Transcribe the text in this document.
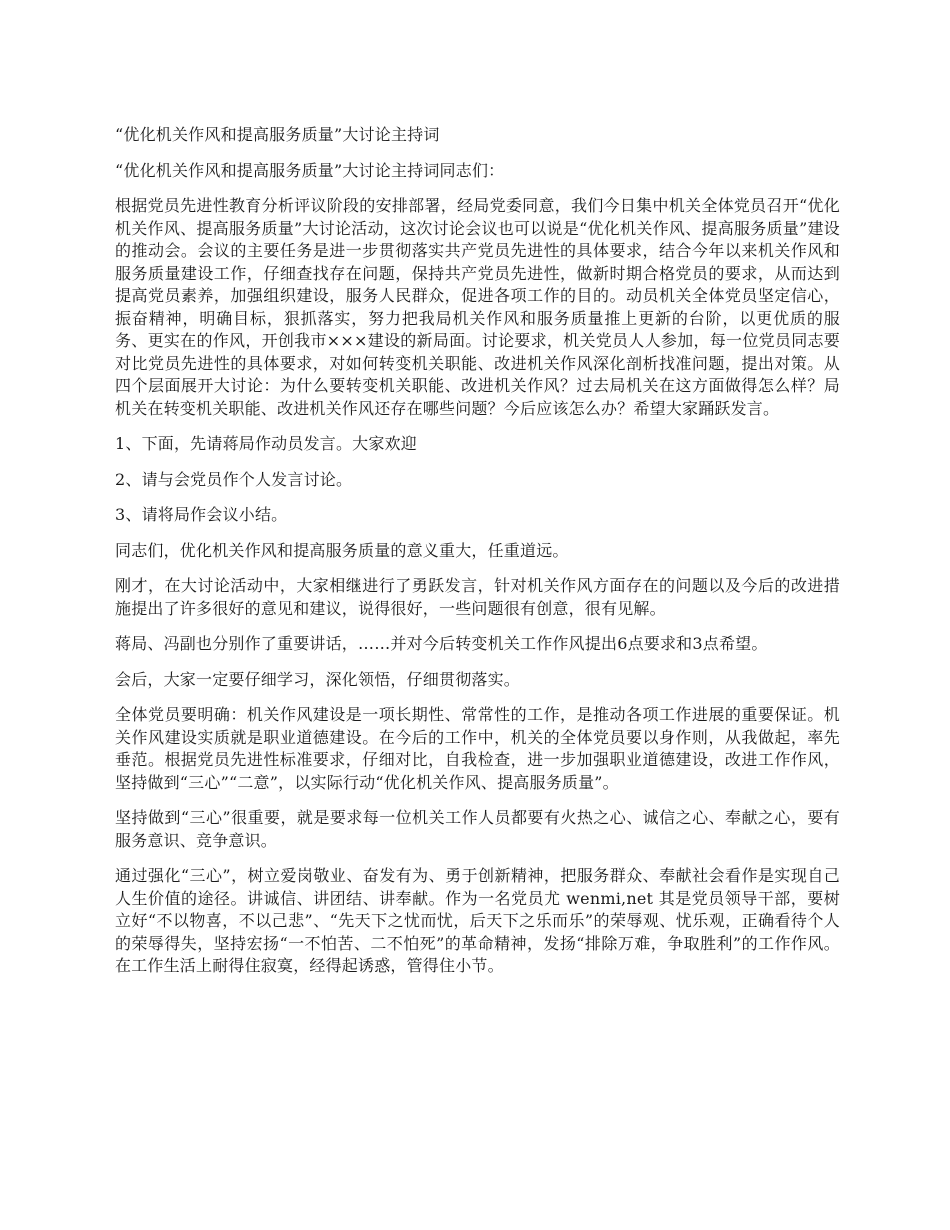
“优化机关作风和提高服务质量”大讨论主持词

“优化机关作风和提高服务质量”大讨论主持词同志们：

根据党员先进性教育分析评议阶段的安排部署，经局党委同意，我们今日集中机关全体党员召开“优化机关作风、提高服务质量”大讨论活动，这次讨论会议也可以说是“优化机关作风、提高服务质量”建设的推动会。会议的主要任务是进一步贯彻落实共产党员先进性的具体要求，结合今年以来机关作风和服务质量建设工作，仔细查找存在问题，保持共产党员先进性，做新时期合格党员的要求，从而达到提高党员素养，加强组织建设，服务人民群众，促进各项工作的目的。动员机关全体党员坚定信心，振奋精神，明确目标，狠抓落实，努力把我局机关作风和服务质量推上更新的台阶，以更优质的服务、更实在的作风，开创我市×××建设的新局面。讨论要求，机关党员人人参加，每一位党员同志要对比党员先进性的具体要求，对如何转变机关职能、改进机关作风深化剖析找准问题，提出对策。从四个层面展开大讨论：为什么要转变机关职能、改进机关作风？过去局机关在这方面做得怎么样？局机关在转变机关职能、改进机关作风还存在哪些问题？今后应该怎么办？希望大家踊跃发言。

1、下面，先请蒋局作动员发言。大家欢迎

2、请与会党员作个人发言讨论。

3、请将局作会议小结。

同志们，优化机关作风和提高服务质量的意义重大，任重道远。

刚才，在大讨论活动中，大家相继进行了勇跃发言，针对机关作风方面存在的问题以及今后的改进措施提出了许多很好的意见和建议，说得很好，一些问题很有创意，很有见解。

蒋局、冯副也分别作了重要讲话，……并对今后转变机关工作作风提出6点要求和3点希望。

会后，大家一定要仔细学习，深化领悟，仔细贯彻落实。

全体党员要明确：机关作风建设是一项长期性、常常性的工作，是推动各项工作进展的重要保证。机关作风建设实质就是职业道德建设。在今后的工作中，机关的全体党员要以身作则，从我做起，率先垂范。根据党员先进性标准要求，仔细对比，自我检查，进一步加强职业道德建设，改进工作作风，坚持做到“三心”“二意”，以实际行动“优化机关作风、提高服务质量”。

坚持做到“三心”很重要，就是要求每一位机关工作人员都要有火热之心、诚信之心、奉献之心，要有服务意识、竞争意识。

通过强化“三心”，树立爱岗敬业、奋发有为、勇于创新精神，把服务群众、奉献社会看作是实现自己人生价值的途径。讲诚信、讲团结、讲奉献。作为一名党员尤 wenmi,net 其是党员领导干部，要树立好“不以物喜，不以己悲”、“先天下之忧而忧，后天下之乐而乐”的荣辱观、忧乐观，正确看待个人的荣辱得失，坚持宏扬“一不怕苦、二不怕死”的革命精神，发扬“排除万难，争取胜利”的工作作风。在工作生活上耐得住寂寞，经得起诱惑，管得住小节。
